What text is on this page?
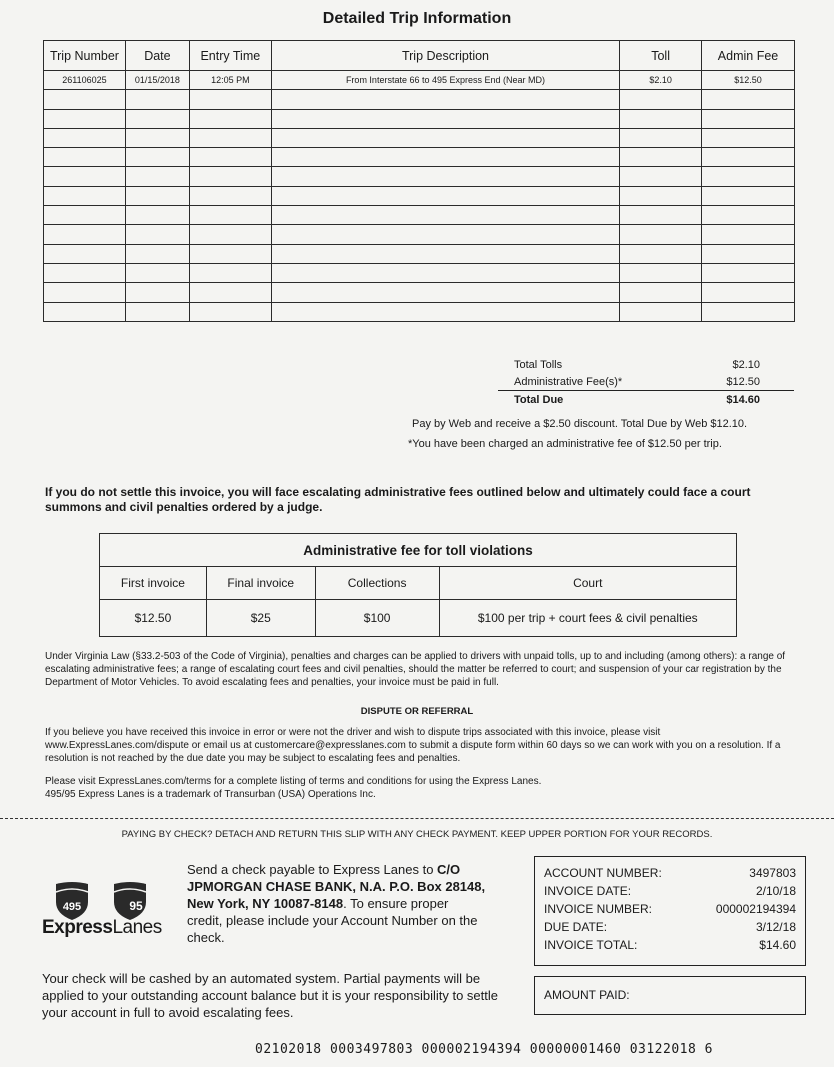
Detailed Trip Information
Trip Number	Date	Entry Time	Trip Description	Toll	Admin Fee
261106025	01/15/2018	12:05 PM	From Interstate 66 to 495 Express End (Near MD)	$2.10	$12.50

Total Tolls	$2.10
Administrative Fee(s)*	$12.50
Total Due	$14.60
Pay by Web and receive a $2.50 discount. Total Due by Web $12.10.
*You have been charged an administrative fee of $12.50 per trip.
If you do not settle this invoice, you will face escalating administrative fees outlined below and ultimately could face a court summons and civil penalties ordered by a judge.
Administrative fee for toll violations			
First invoice	Final invoice	Collections	Court
$12.50	$25	$100	$100 per trip + court fees & civil penalties
Under Virginia Law (§33.2-503 of the Code of Virginia), penalties and charges can be applied to drivers with unpaid tolls, up to and including (among others): a range of escalating administrative fees; a range of escalating court fees and civil penalties, should the matter be referred to court; and suspension of your car registration by the Department of Motor Vehicles. To avoid escalating fees and penalties, your invoice must be paid in full.
DISPUTE OR REFERRAL
If you believe you have received this invoice in error or were not the driver and wish to dispute trips associated with this invoice, please visit www.ExpressLanes.com/dispute or email us at customercare@expresslanes.com to submit a dispute form within 60 days so we can work with you on a resolution. If a resolution is not reached by the due date you may be subject to escalating fees and penalties.
Please visit ExpressLanes.com/terms for a complete listing of terms and conditions for using the Express Lanes.
495/95 Express Lanes is a trademark of Transurban (USA) Operations Inc.
PAYING BY CHECK? DETACH AND RETURN THIS SLIP WITH ANY CHECK PAYMENT. KEEP UPPER PORTION FOR YOUR RECORDS.
495	95
ExpressLanes
Send a check payable to Express Lanes to C/O JPMORGAN CHASE BANK, N.A. P.O. Box 28148, New York, NY 10087-8148. To ensure proper credit, please include your Account Number on the check.
ACCOUNT NUMBER:	3497803
INVOICE DATE:	2/10/18
INVOICE NUMBER:	000002194394
DUE DATE:	3/12/18
INVOICE TOTAL:	$14.60
Your check will be cashed by an automated system. Partial payments will be applied to your outstanding account balance but it is your responsibility to settle your account in full to avoid escalating fees.
AMOUNT PAID:
02102018 0003497803 000002194394 00000001460 03122018 6
